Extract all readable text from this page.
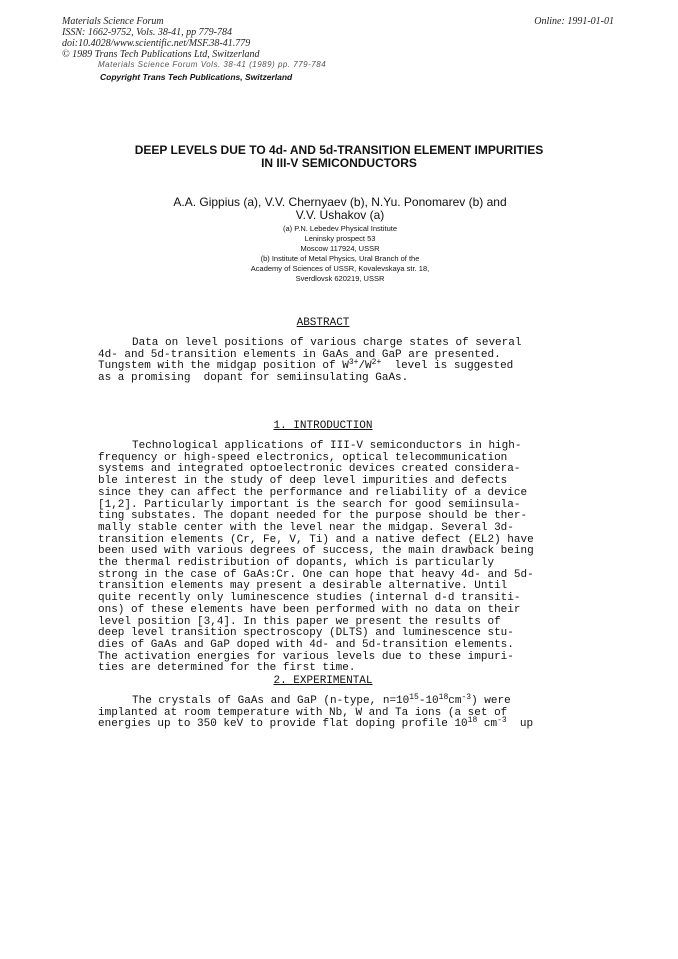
Materials Science Forum
ISSN: 1662-9752, Vols. 38-41, pp 779-784
doi:10.4028/www.scientific.net/MSF.38-41.779
© 1989 Trans Tech Publications Ltd, Switzerland
Online: 1991-01-01
Materials Science Forum Vols. 38-41 (1989) pp. 779-784
Copyright Trans Tech Publications, Switzerland
DEEP LEVELS DUE TO 4d- AND 5d-TRANSITION ELEMENT IMPURITIES
IN III-V SEMICONDUCTORS
A.A. Gippius (a), V.V. Chernyaev (b), N.Yu. Ponomarev (b) and
V.V. Ushakov (a)
(a) P.N. Lebedev Physical Institute
Leninsky prospect 53
Moscow 117924, USSR
(b) Institute of Metal Physics, Ural Branch of the
Academy of Sciences of USSR, Kovalevskaya str. 18,
Sverdlovsk 620219, USSR
ABSTRACT
Data on level positions of various charge states of several
4d- and 5d-transition elements in GaAs and GaP are presented.
Tungstem with the midgap position of $W^{3+}/W^{2+}$  level is suggested
as a promising  dopant for semiinsulating GaAs.
1. INTRODUCTION
Technological applications of III-V semiconductors in high-
frequency or high-speed electronics, optical telecommunication
systems and integrated optoelectronic devices created considera-
ble interest in the study of deep level impurities and defects
since they can affect the performance and reliability of a device
[1,2]. Particularly important is the search for good semiinsula-
ting substates. The dopant needed for the purpose should be ther-
mally stable center with the level near the midgap. Several 3d-
transition elements (Cr, Fe, V, Ti) and a native defect (EL2) have
been used with various degrees of success, the main drawback being
the thermal redistribution of dopants, which is particularly
strong in the case of GaAs:Cr. One can hope that heavy 4d- and 5d-
transition elements may present a desirable alternative. Until
quite recently only luminescence studies (internal d-d transiti-
ons) of these elements have been performed with no data on their
level position [3,4]. In this paper we present the results of
deep level transition spectroscopy (DLTS) and luminescence stu-
dies of GaAs and GaP doped with 4d- and 5d-transition elements.
The activation energies for various levels due to these impuri-
ties are determined for the first time.
2. EXPERIMENTAL
The crystals of GaAs and GaP (n-type, $n=10^{15}-10^{18}cm^{-3}$) were
implanted at room temperature with Nb, W and Ta ions (a set of
energies up to 350 keV to provide flat doping profile $10^{18}$ $cm^{-3}$  up
